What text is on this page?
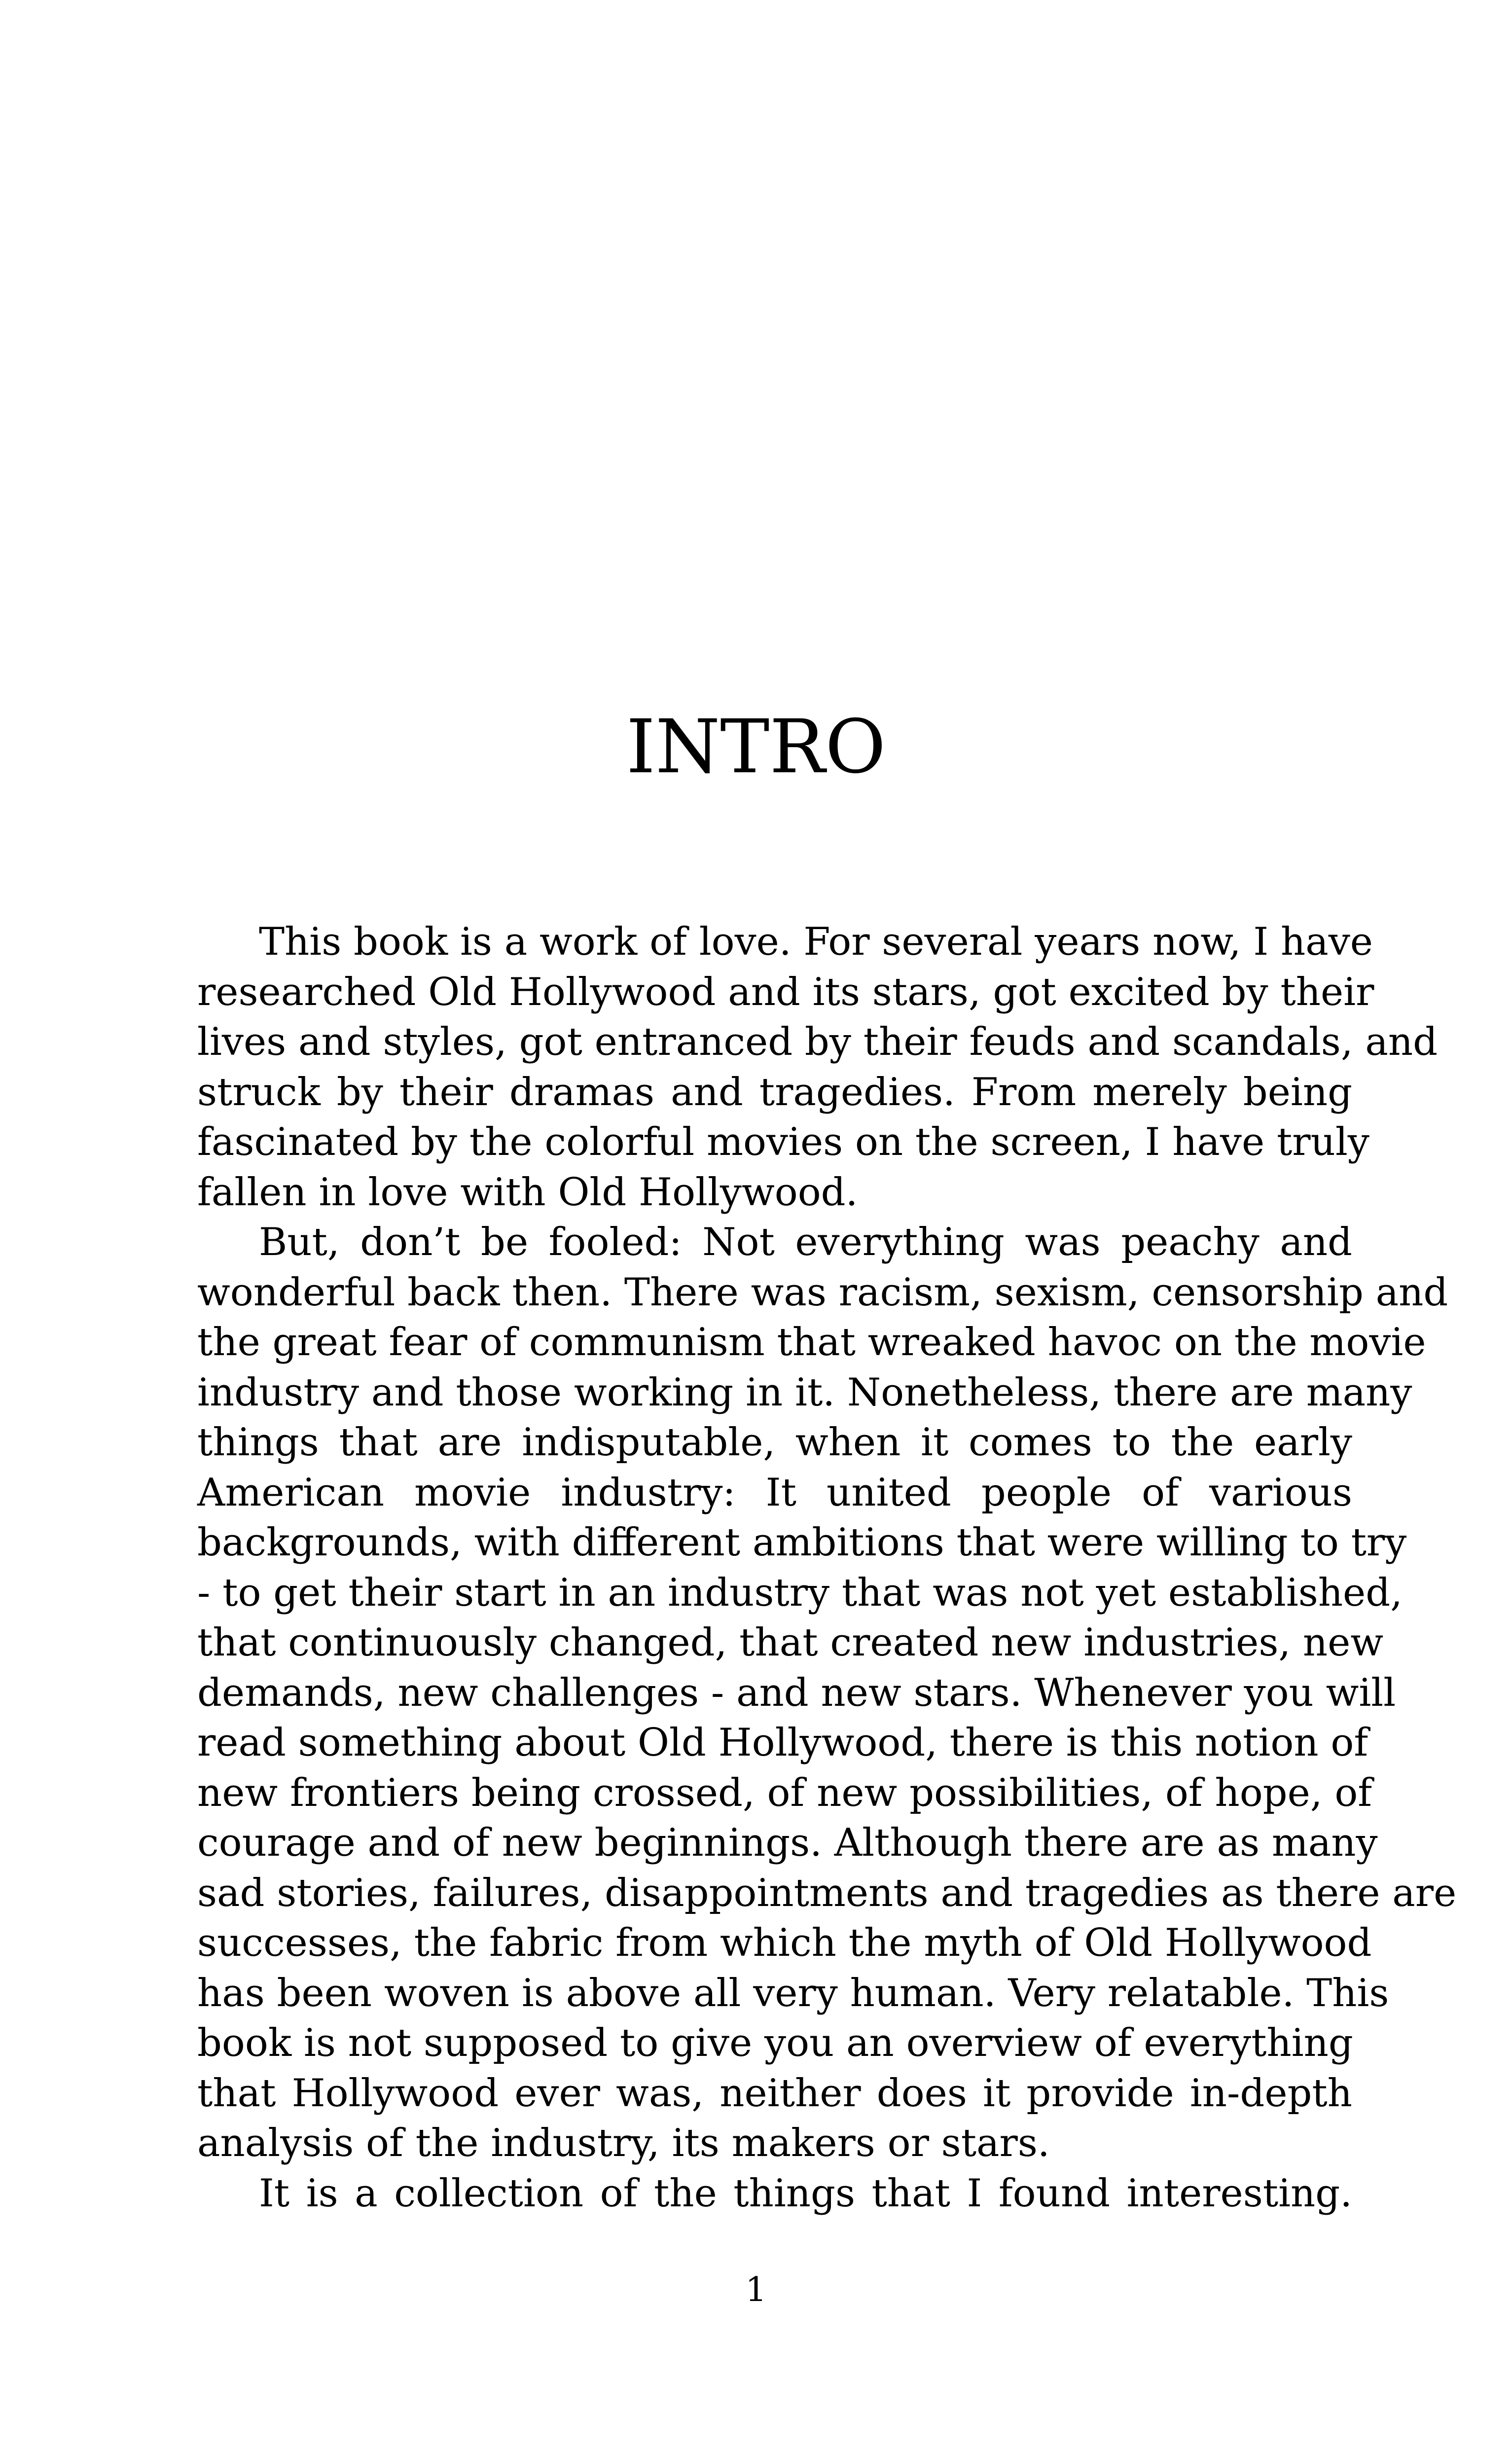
INTRO
This book is a work of love. For several years now, I have
researched Old Hollywood and its stars, got excited by their
lives and styles, got entranced by their feuds and scandals, and
struck by their dramas and tragedies. From merely being
fascinated by the colorful movies on the screen, I have truly
fallen in love with Old Hollywood.
But, don’t be fooled: Not everything was peachy and
wonderful back then. There was racism, sexism, censorship and
the great fear of communism that wreaked havoc on the movie
industry and those working in it. Nonetheless, there are many
things that are indisputable, when it comes to the early
American movie industry: It united people of various
backgrounds, with different ambitions that were willing to try
- to get their start in an industry that was not yet established,
that continuously changed, that created new industries, new
demands, new challenges - and new stars. Whenever you will
read something about Old Hollywood, there is this notion of
new frontiers being crossed, of new possibilities, of hope, of
courage and of new beginnings. Although there are as many
sad stories, failures, disappointments and tragedies as there are
successes, the fabric from which the myth of Old Hollywood
has been woven is above all very human. Very relatable. This
book is not supposed to give you an overview of everything
that Hollywood ever was, neither does it provide in-depth
analysis of the industry, its makers or stars.
It is a collection of the things that I found interesting.
1
